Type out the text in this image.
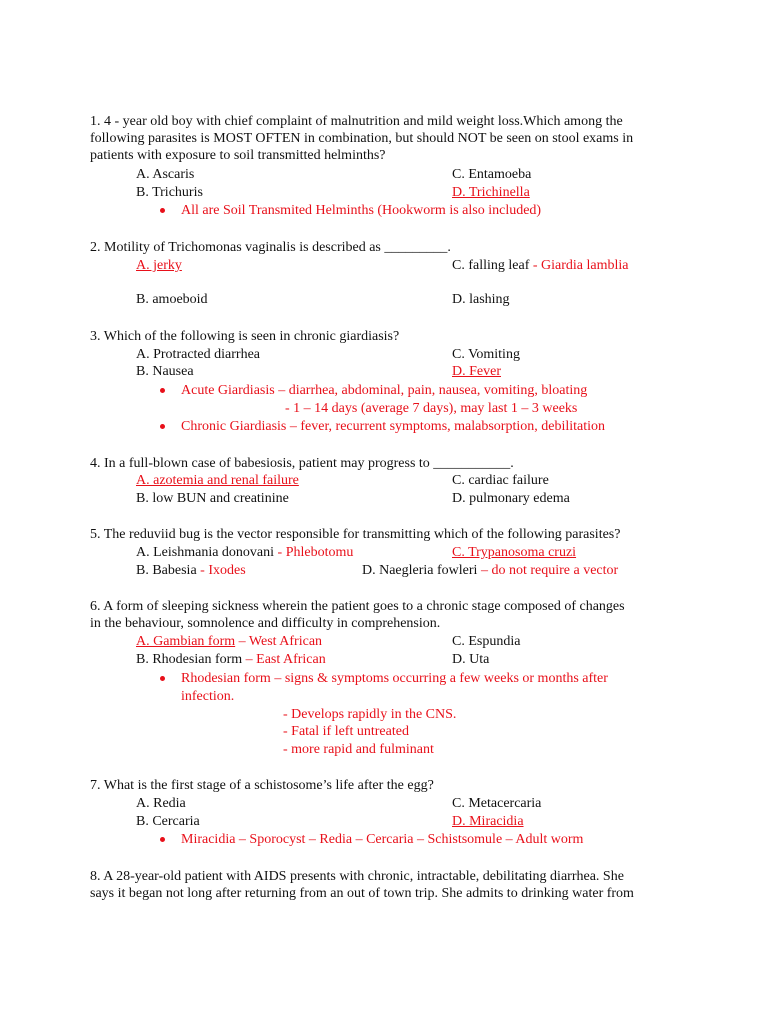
1. 4 - year old boy with chief complaint of malnutrition and mild weight loss.Which among the
following parasites is MOST OFTEN in combination, but should NOT be seen on stool exams in
patients with exposure to soil transmitted helminths?
A. Ascaris	C. Entamoeba
B. Trichuris	D. Trichinella
All are Soil Transmited Helminths (Hookworm is also included)
2. Motility of Trichomonas vaginalis is described as _________.
A. jerky	C. falling leaf - Giardia lamblia
B. amoeboid	D. lashing
3. Which of the following is seen in chronic giardiasis?
A. Protracted diarrhea	C. Vomiting
B. Nausea	D. Fever
Acute Giardiasis – diarrhea, abdominal, pain, nausea, vomiting, bloating
- 1 – 14 days (average 7 days), may last 1 – 3 weeks
Chronic Giardiasis – fever, recurrent symptoms, malabsorption, debilitation
4. In a full-blown case of babesiosis, patient may progress to ___________.
A. azotemia and renal failure	C. cardiac failure
B. low BUN and creatinine	D. pulmonary edema
5. The reduviid bug is the vector responsible for transmitting which of the following parasites?
A. Leishmania donovani - Phlebotomu	C. Trypanosoma cruzi
B. Babesia - Ixodes	D. Naegleria fowleri – do not require a vector
6. A form of sleeping sickness wherein the patient goes to a chronic stage composed of changes
in the behaviour, somnolence and difficulty in comprehension.
A. Gambian form – West African	C. Espundia
B. Rhodesian form – East African	D. Uta
Rhodesian form – signs & symptoms occurring a few weeks or months after
infection.
- Develops rapidly in the CNS.
- Fatal if left untreated
- more rapid and fulminant
7. What is the first stage of a schistosome’s life after the egg?
A. Redia	C. Metacercaria
B. Cercaria	D. Miracidia
Miracidia – Sporocyst – Redia – Cercaria – Schistsomule – Adult worm
8. A 28-year-old patient with AIDS presents with chronic, intractable, debilitating diarrhea. She
says it began not long after returning from an out of town trip. She admits to drinking water from
